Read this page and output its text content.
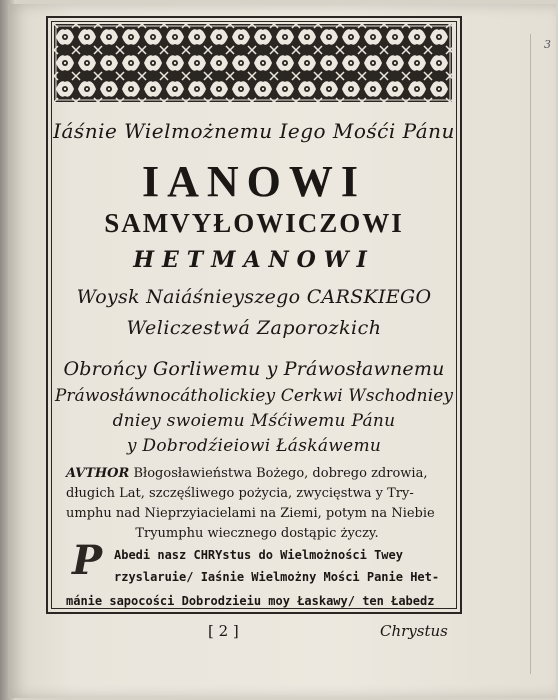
3
Iáśnie Wielmożnemu Iego Mośći Pánu
IANOWI
SAMVYŁOWICZOWI
HETMANOWI
Woysk Naiáśnieyszego CARSKIEGO
Weliczestwá Zaporozkich
Obrońcy Gorliwemu y Práwosławnemu
Práwosłáwnocátholickiey Cerkwi Wschodniey
dniey swoiemu Mśćiwemu Pánu
y Dobrodźieiowi Łáskáwemu
AVTHOR Błogosławieństwa Bożego, dobrego zdrowia,
długich Lat, szczęśliwego pożycia, zwycięstwa y Try-
umphu nad Nieprzyiacielami na Ziemi, potym na Niebie
Tryumphu wiecznego dostąpic życzy.
P Abedi nasz CHRYstus do Wielmożności Twey
rzyslaruie/ Iaśnie Wielmożny Mości Panie Het-
mánie sapocości Dobrodzieiu moy Łaskawy/ ten Łabedz
[ 2 ]	Chrystus
